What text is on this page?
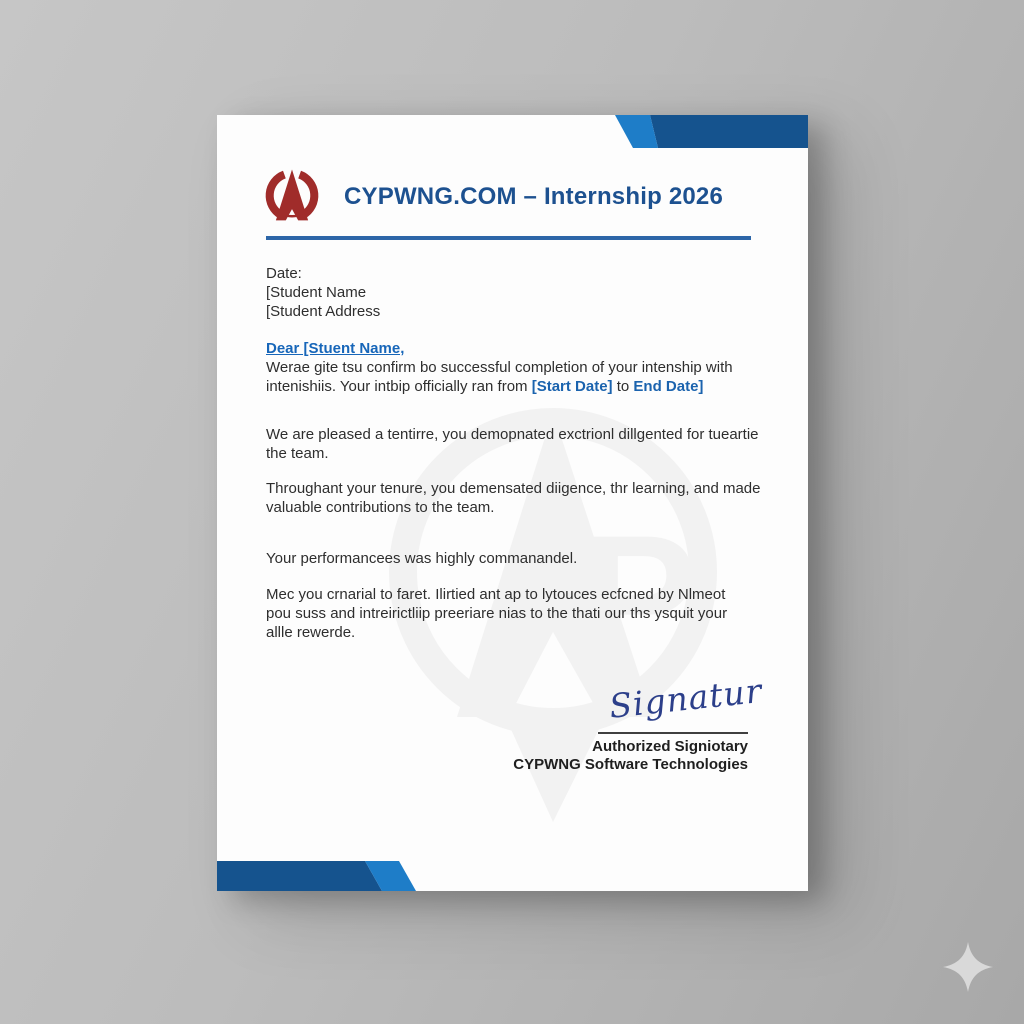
P
CYPWNG.COM – Internship 2026
Date:
[Student Name
[Student Address
Dear [Stuent Name,
Werae gite tsu confirm bo successful completion of your intenship with
intenishiis. Your intbip officially ran from [Start Date] to End Date]
We are pleased a tentirre, you demopnated exctrionl dillgented for tueartie
the team.
Throughant your tenure, you demensated diigence, thr learning, and made
valuable contributions to the team.
Your performancees was highly commanandel.
Mec you crnarial to faret. Ilirtied ant ap to lytouces ecfcned by Nlmeot
pou suss and intreirictliip preeriare nias to the thati our ths ysquit your
allle rewerde.
Signatur
Authorized Signiotary
CYPWNG Software Technologies
